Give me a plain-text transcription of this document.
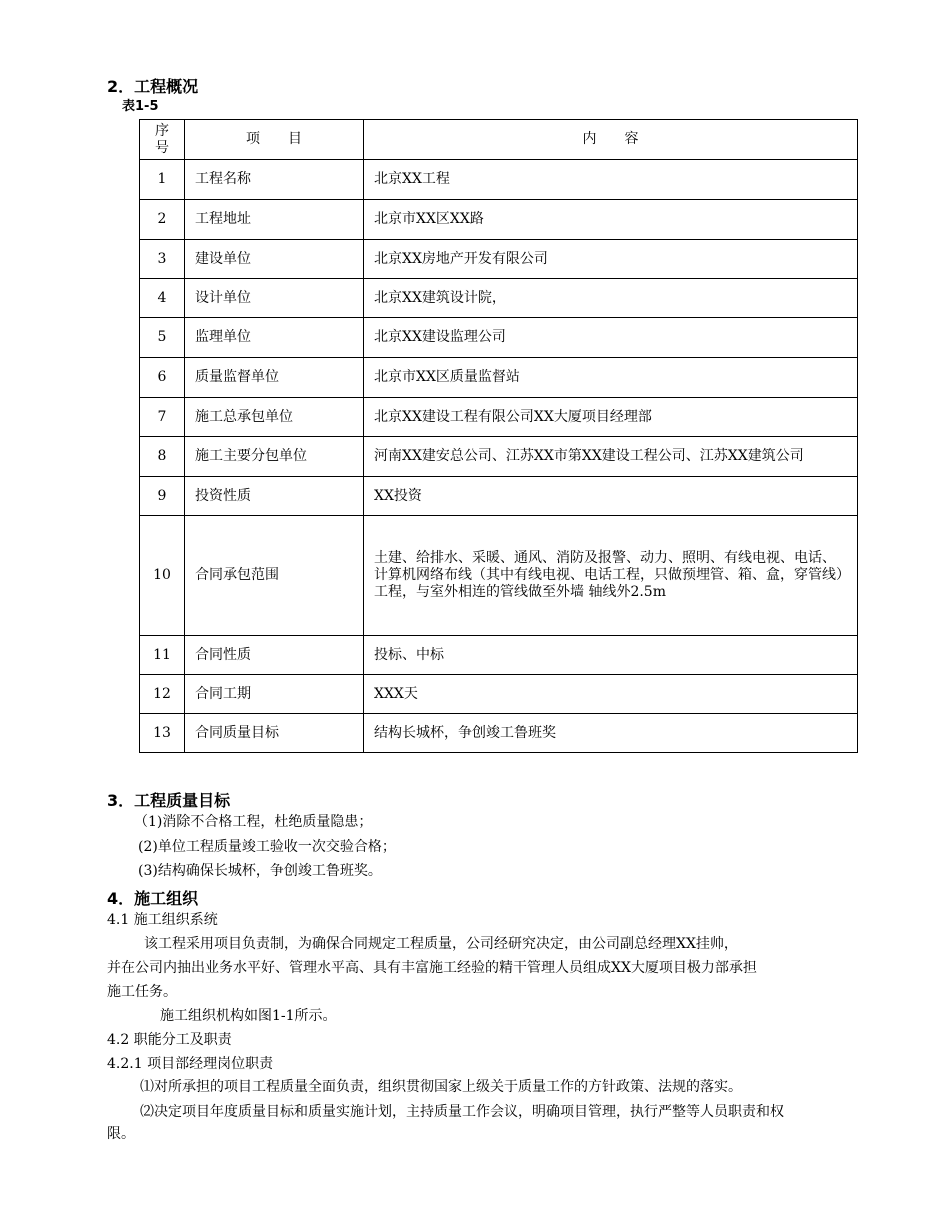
2．工程概况
表1-5
序号	项　　目	内　　容
1	工程名称	北京XX工程
2	工程地址	北京市XX区XX路
3	建设单位	北京XX房地产开发有限公司
4	设计单位	北京XX建筑设计院，
5	监理单位	北京XX建设监理公司
6	质量监督单位	北京市XX区质量监督站
7	施工总承包单位	北京XX建设工程有限公司XX大厦项目经理部
8	施工主要分包单位	河南XX建安总公司、江苏XX市第XX建设工程公司、江苏XX建筑公司
9	投资性质	XX投资
10	合同承包范围	土建、给排水、采暖、通风、消防及报警、动力、照明、有线电视、电话、计算机网络布线（其中有线电视、电话工程，只做预埋管、箱、盒，穿管线）工程，与室外相连的管线做至外墙 轴线外2.5m
11	合同性质	投标、中标
12	合同工期	XXX天
13	合同质量目标	结构长城杯，争创竣工鲁班奖
3．工程质量目标
（1)消除不合格工程，杜绝质量隐患；
(2)单位工程质量竣工验收一次交验合格；
(3)结构确保长城杯，争创竣工鲁班奖。
4．施工组织
4.1 施工组织系统
该工程采用项目负责制，为确保合同规定工程质量，公司经研究决定，由公司副总经理XX挂帅，
并在公司内抽出业务水平好、管理水平高、具有丰富施工经验的精干管理人员组成XX大厦项目极力部承担
施工任务。
施工组织机构如图1-1所示。
4.2 职能分工及职责
4.2.1 项目部经理岗位职责
⑴对所承担的项目工程质量全面负责，组织贯彻国家上级关于质量工作的方针政策、法规的落实。
⑵决定项目年度质量目标和质量实施计划，主持质量工作会议，明确项目管理，执行严整等人员职责和权
限。
